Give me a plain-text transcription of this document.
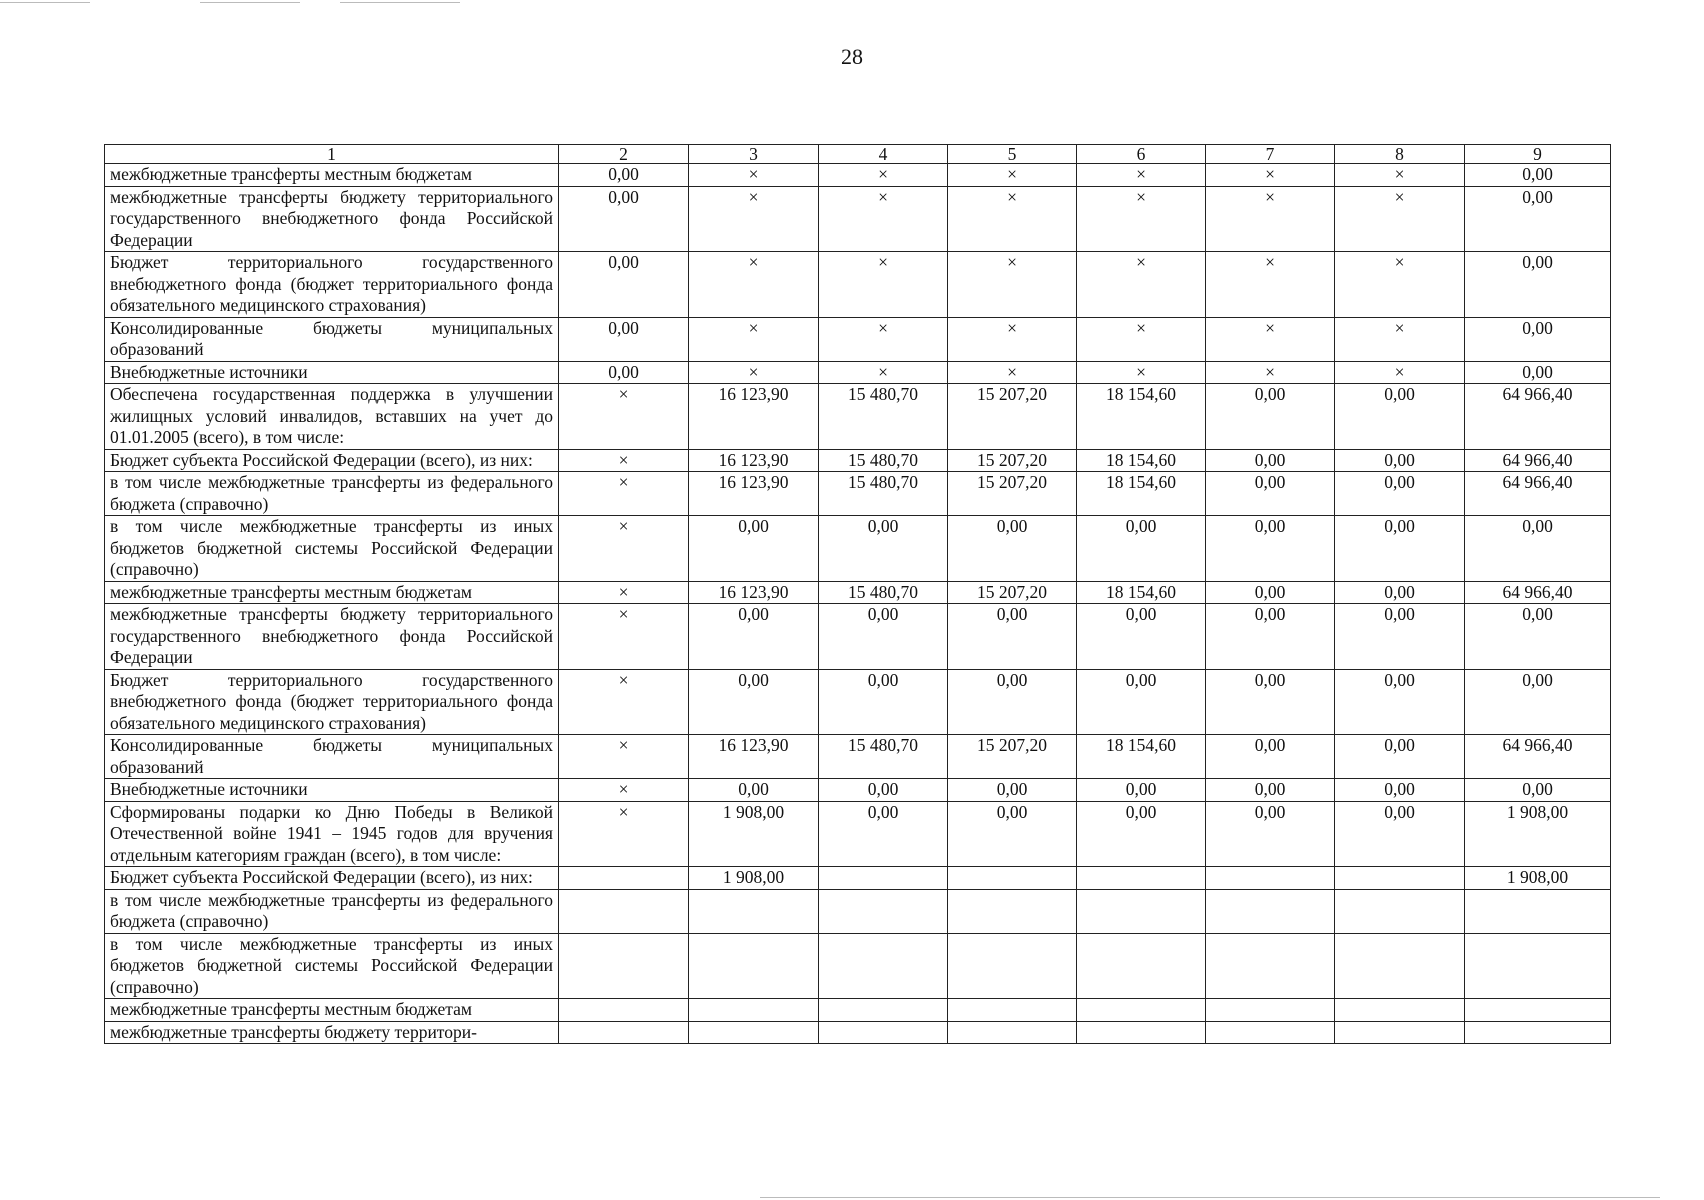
28
1	2	3	4	5	6	7	8	9
межбюджетные трансферты местным бюджетам	0,00	×	×	×	×	×	×	0,00
межбюджетные трансферты бюджету территориального государственного внебюджетного фонда Российской Федерации	0,00	×	×	×	×	×	×	0,00
Бюджет территориального государственного внебюджетного фонда (бюджет территориального фонда обязательного медицинского страхования)	0,00	×	×	×	×	×	×	0,00
Консолидированные бюджеты муниципальных образований	0,00	×	×	×	×	×	×	0,00
Внебюджетные источники	0,00	×	×	×	×	×	×	0,00
Обеспечена государственная поддержка в улучшении жилищных условий инвалидов, вставших на учет до 01.01.2005 (всего), в том числе:	×	16 123,90	15 480,70	15 207,20	18 154,60	0,00	0,00	64 966,40
Бюджет субъекта Российской Федерации (всего), из них:	×	16 123,90	15 480,70	15 207,20	18 154,60	0,00	0,00	64 966,40
в том числе межбюджетные трансферты из федерального бюджета (справочно)	×	16 123,90	15 480,70	15 207,20	18 154,60	0,00	0,00	64 966,40
в том числе межбюджетные трансферты из иных бюджетов бюджетной системы Российской Федерации (справочно)	×	0,00	0,00	0,00	0,00	0,00	0,00	0,00
межбюджетные трансферты местным бюджетам	×	16 123,90	15 480,70	15 207,20	18 154,60	0,00	0,00	64 966,40
межбюджетные трансферты бюджету территориального государственного внебюджетного фонда Российской Федерации	×	0,00	0,00	0,00	0,00	0,00	0,00	0,00
Бюджет территориального государственного внебюджетного фонда (бюджет территориального фонда обязательного медицинского страхования)	×	0,00	0,00	0,00	0,00	0,00	0,00	0,00
Консолидированные бюджеты муниципальных образований	×	16 123,90	15 480,70	15 207,20	18 154,60	0,00	0,00	64 966,40
Внебюджетные источники	×	0,00	0,00	0,00	0,00	0,00	0,00	0,00
Сформированы подарки ко Дню Победы в Великой Отечественной войне 1941 – 1945 годов для вручения отдельным категориям граждан (всего), в том числе:	×	1 908,00	0,00	0,00	0,00	0,00	0,00	1 908,00
Бюджет субъекта Российской Федерации (всего), из них:		1 908,00						1 908,00
в том числе межбюджетные трансферты из федерального бюджета (справочно)								
в том числе межбюджетные трансферты из иных бюджетов бюджетной системы Российской Федерации (справочно)								
межбюджетные трансферты местным бюджетам								
межбюджетные трансферты бюджету территори-								
